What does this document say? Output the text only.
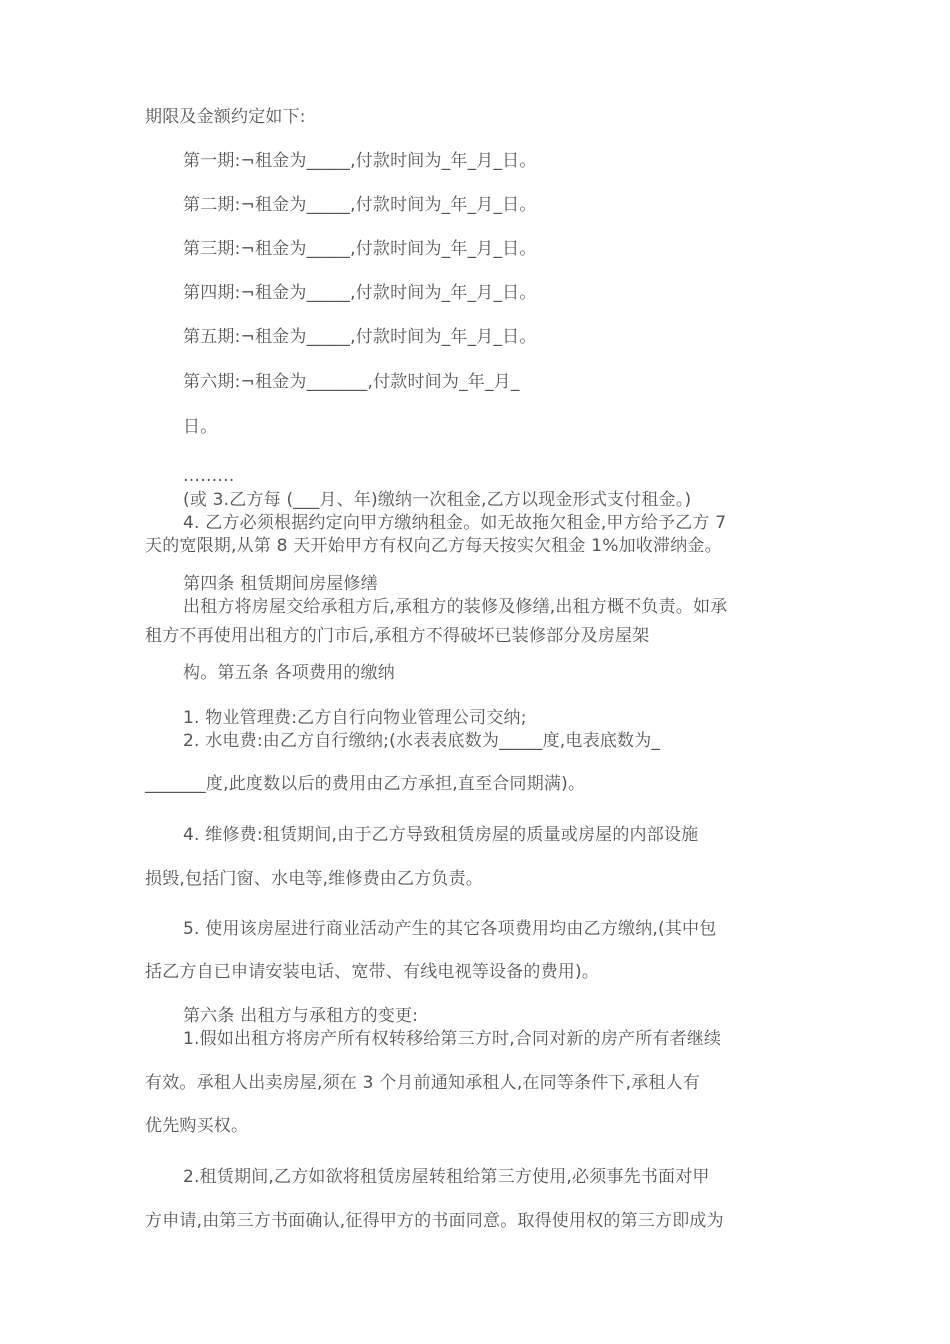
期限及金额约定如下:
第一期:¬租金为_____,付款时间为_年_月_日。
第二期:¬租金为_____,付款时间为_年_月_日。
第三期:¬租金为_____,付款时间为_年_月_日。
第四期:¬租金为_____,付款时间为_年_月_日。
第五期:¬租金为_____,付款时间为_年_月_日。
第六期:¬租金为_______,付款时间为_年_月_
日。
………
(或 3.乙方每 (___月、年)缴纳一次租金,乙方以现金形式支付租金。)
4. 乙方必须根据约定向甲方缴纳租金。如无故拖欠租金,甲方给予乙方 7
天的宽限期,从第 8 天开始甲方有权向乙方每天按实欠租金 1%加收滞纳金。
第四条 租赁期间房屋修缮
出租方将房屋交给承租方后,承租方的装修及修缮,出租方概不负责。如承
租方不再使用出租方的门市后,承租方不得破坏已装修部分及房屋架
构。第五条 各项费用的缴纳
1. 物业管理费:乙方自行向物业管理公司交纳;
2. 水电费:由乙方自行缴纳;(水表表底数为_____度,电表底数为_
_______度,此度数以后的费用由乙方承担,直至合同期满)。
4. 维修费:租赁期间,由于乙方导致租赁房屋的质量或房屋的内部设施
损毁,包括门窗、水电等,维修费由乙方负责。
5. 使用该房屋进行商业活动产生的其它各项费用均由乙方缴纳,(其中包
括乙方自已申请安装电话、宽带、有线电视等设备的费用)。
第六条 出租方与承租方的变更:
1.假如出租方将房产所有权转移给第三方时,合同对新的房产所有者继续
有效。承租人出卖房屋,须在 3 个月前通知承租人,在同等条件下,承租人有
优先购买权。
2.租赁期间,乙方如欲将租赁房屋转租给第三方使用,必须事先书面对甲
方申请,由第三方书面确认,征得甲方的书面同意。取得使用权的第三方即成为
